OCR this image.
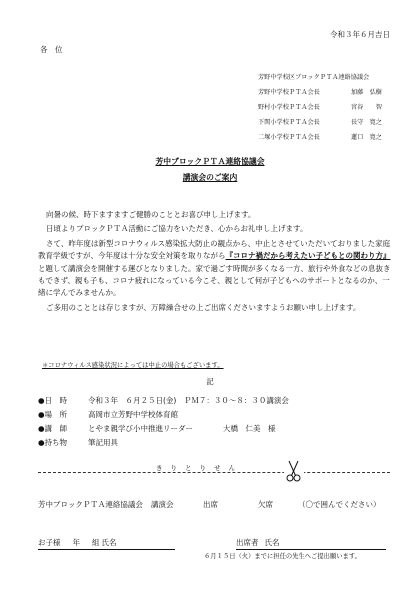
令和３年６月吉日
各　位
芳野中学校区ブロックＰＴＡ連絡協議会
芳野中学校ＰＴＡ会長	加藤　弘樹
野村小学校ＰＴＡ会長	宮谷　　智
下関小学校ＰＴＡ会長	長守　寛之
二塚小学校ＰＴＡ会長	蓮口　寛之
芳中ブロックＰＴＡ連絡協議会
講演会のご案内

向暑の候、時下ますますご健勝のこととお喜び申し上げます。

日頃よりブロックＰＴＡ活動にご協力をいただき、心からお礼申し上げます。

さて、昨年度は新型コロナウィルス感染拡大防止の観点から、中止とさせていただいておりました家庭教育学級ですが、今年度は十分な安全対策を取りながら『コロナ禍だから考えたい子どもとの関わり方』と題して講演会を開催する運びとなりました。家で過ごす時間が多くなる一方、旅行や外食などの息抜きもできず、親も子も、コロナ疲れになっている今こそ、親として何が子どもへのサポートとなるのか、一緒に学んでみませんか。

ご多用のこととは存じますが、万障繰合せの上ご出席くださいますようお願い申し上げます。

＊コロナウィルス感染状況によっては中止の場合もございます。
記
●日　時	令和３年　６月２５日(金)　ＰＭ７：３０～８：３０講演会
●場　所	高岡市立芳野中学校体育館
●講　師	とやま親学び小中推進リーダー　　　　大橋　仁美　様
●持ち物	筆記用具
きりとりせん
芳中ブロックＰＴＡ連絡協議会	講演会	出席	欠席	（〇で囲んでください）
お子様 年 組 氏名	出席者 氏名
６月１５日（火）までに担任の先生へご提出願います。
